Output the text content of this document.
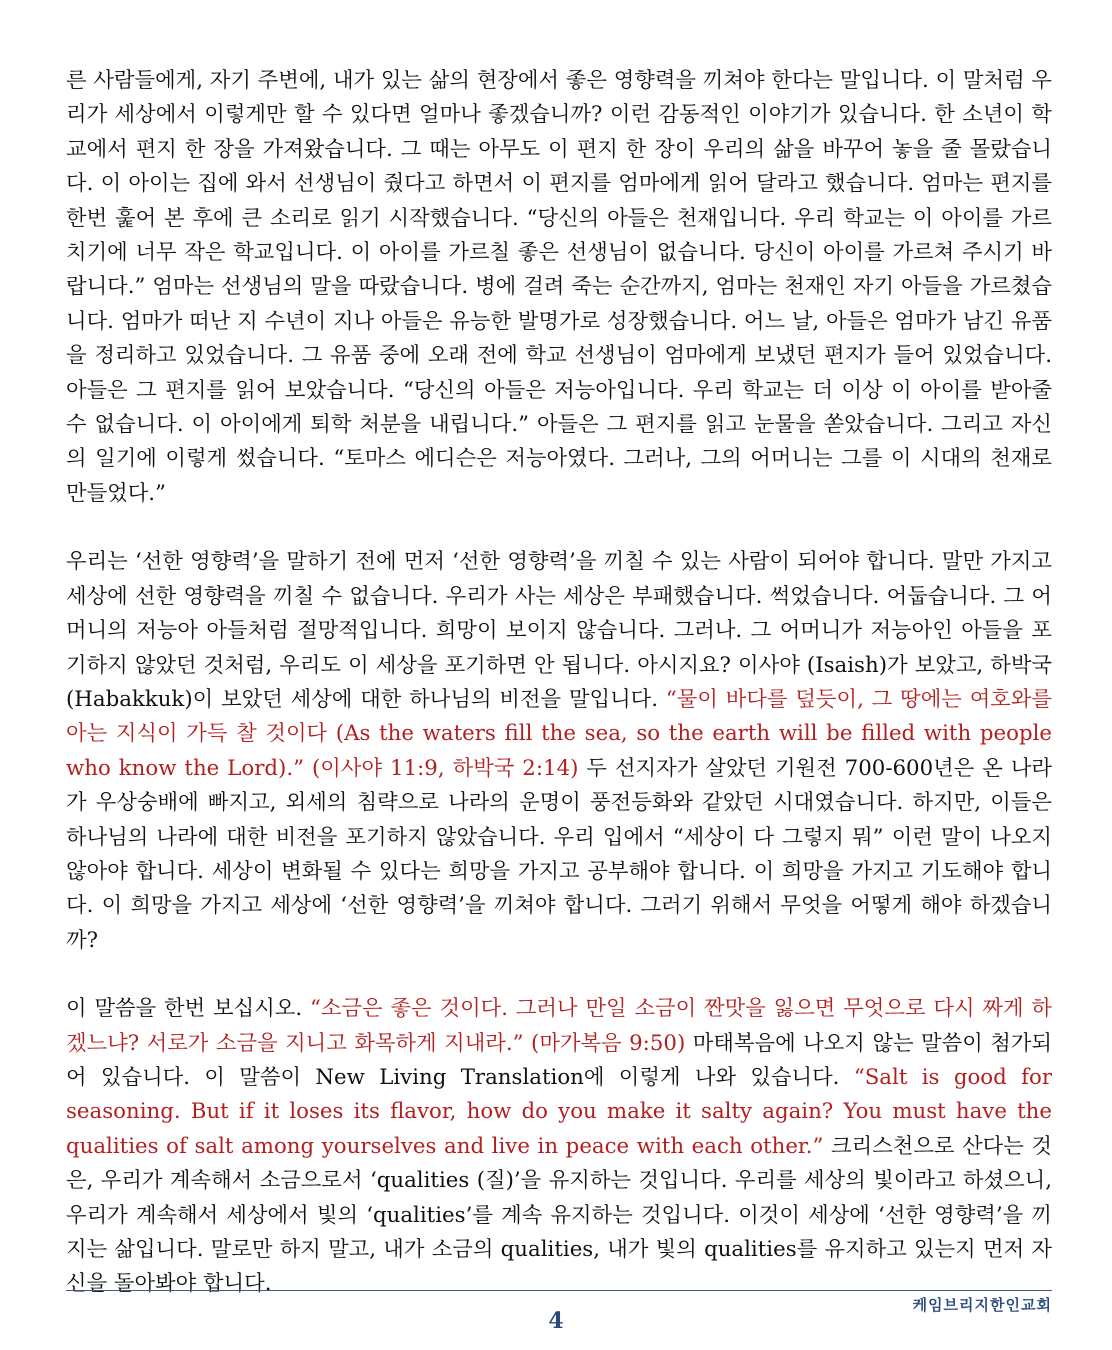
른 사람들에게, 자기 주변에, 내가 있는 삶의 현장에서 좋은 영향력을 끼쳐야 한다는 말입니다. 이 말처럼 우리가 세상에서 이렇게만 할 수 있다면 얼마나 좋겠습니까? 이런 감동적인 이야기가 있습니다. 한 소년이 학교에서 편지 한 장을 가져왔습니다. 그 때는 아무도 이 편지 한 장이 우리의 삶을 바꾸어 놓을 줄 몰랐습니다. 이 아이는 집에 와서 선생님이 줬다고 하면서 이 편지를 엄마에게 읽어 달라고 했습니다. 엄마는 편지를 한번 훑어 본 후에 큰 소리로 읽기 시작했습니다. “당신의 아들은 천재입니다. 우리 학교는 이 아이를 가르치기에 너무 작은 학교입니다. 이 아이를 가르칠 좋은 선생님이 없습니다. 당신이 아이를 가르쳐 주시기 바랍니다.” 엄마는 선생님의 말을 따랐습니다. 병에 걸려 죽는 순간까지, 엄마는 천재인 자기 아들을 가르쳤습니다. 엄마가 떠난 지 수년이 지나 아들은 유능한 발명가로 성장했습니다. 어느 날, 아들은 엄마가 남긴 유품을 정리하고 있었습니다. 그 유품 중에 오래 전에 학교 선생님이 엄마에게 보냈던 편지가 들어 있었습니다. 아들은 그 편지를 읽어 보았습니다. “당신의 아들은 저능아입니다. 우리 학교는 더 이상 이 아이를 받아줄 수 없습니다. 이 아이에게 퇴학 처분을 내립니다.” 아들은 그 편지를 읽고 눈물을 쏟았습니다. 그리고 자신의 일기에 이렇게 썼습니다. “토마스 에디슨은 저능아였다. 그러나, 그의 어머니는 그를 이 시대의 천재로 만들었다.”

우리는 ‘선한 영향력’을 말하기 전에 먼저 ‘선한 영향력’을 끼칠 수 있는 사람이 되어야 합니다. 말만 가지고 세상에 선한 영향력을 끼칠 수 없습니다. 우리가 사는 세상은 부패했습니다. 썩었습니다. 어둡습니다. 그 어머니의 저능아 아들처럼 절망적입니다. 희망이 보이지 않습니다. 그러나. 그 어머니가 저능아인 아들을 포기하지 않았던 것처럼, 우리도 이 세상을 포기하면 안 됩니다. 아시지요? 이사야 (Isaish)가 보았고, 하박국 (Habakkuk)이 보았던 세상에 대한 하나님의 비전을 말입니다. “물이 바다를 덮듯이, 그 땅에는 여호와를 아는 지식이 가득 찰 것이다 (As the waters fill the sea, so the earth will be filled with people who know the Lord).” (이사야 11:9, 하박국 2:14) 두 선지자가 살았던 기원전 700-600년은 온 나라가 우상숭배에 빠지고, 외세의 침략으로 나라의 운명이 풍전등화와 같았던 시대였습니다. 하지만, 이들은 하나님의 나라에 대한 비전을 포기하지 않았습니다. 우리 입에서 “세상이 다 그렇지 뭐” 이런 말이 나오지 않아야 합니다. 세상이 변화될 수 있다는 희망을 가지고 공부해야 합니다. 이 희망을 가지고 기도해야 합니다. 이 희망을 가지고 세상에 ‘선한 영향력’을 끼쳐야 합니다. 그러기 위해서 무엇을 어떻게 해야 하겠습니까?

이 말씀을 한번 보십시오. “소금은 좋은 것이다. 그러나 만일 소금이 짠맛을 잃으면 무엇으로 다시 짜게 하겠느냐? 서로가 소금을 지니고 화목하게 지내라.” (마가복음 9:50) 마태복음에 나오지 않는 말씀이 첨가되어 있습니다. 이 말씀이 New Living Translation에 이렇게 나와 있습니다. “Salt is good for seasoning. But if it loses its flavor, how do you make it salty again? You must have the qualities of salt among yourselves and live in peace with each other.” 크리스천으로 산다는 것은, 우리가 계속해서 소금으로서 ‘qualities (질)’을 유지하는 것입니다. 우리를 세상의 빛이라고 하셨으니, 우리가 계속해서 세상에서 빛의 ‘qualities’를 계속 유지하는 것입니다. 이것이 세상에 ‘선한 영향력’을 끼지는 삶입니다. 말로만 하지 말고, 내가 소금의 qualities, 내가 빛의 qualities를 유지하고 있는지 먼저 자신을 돌아봐야 합니다.

케임브리지한인교회
4
